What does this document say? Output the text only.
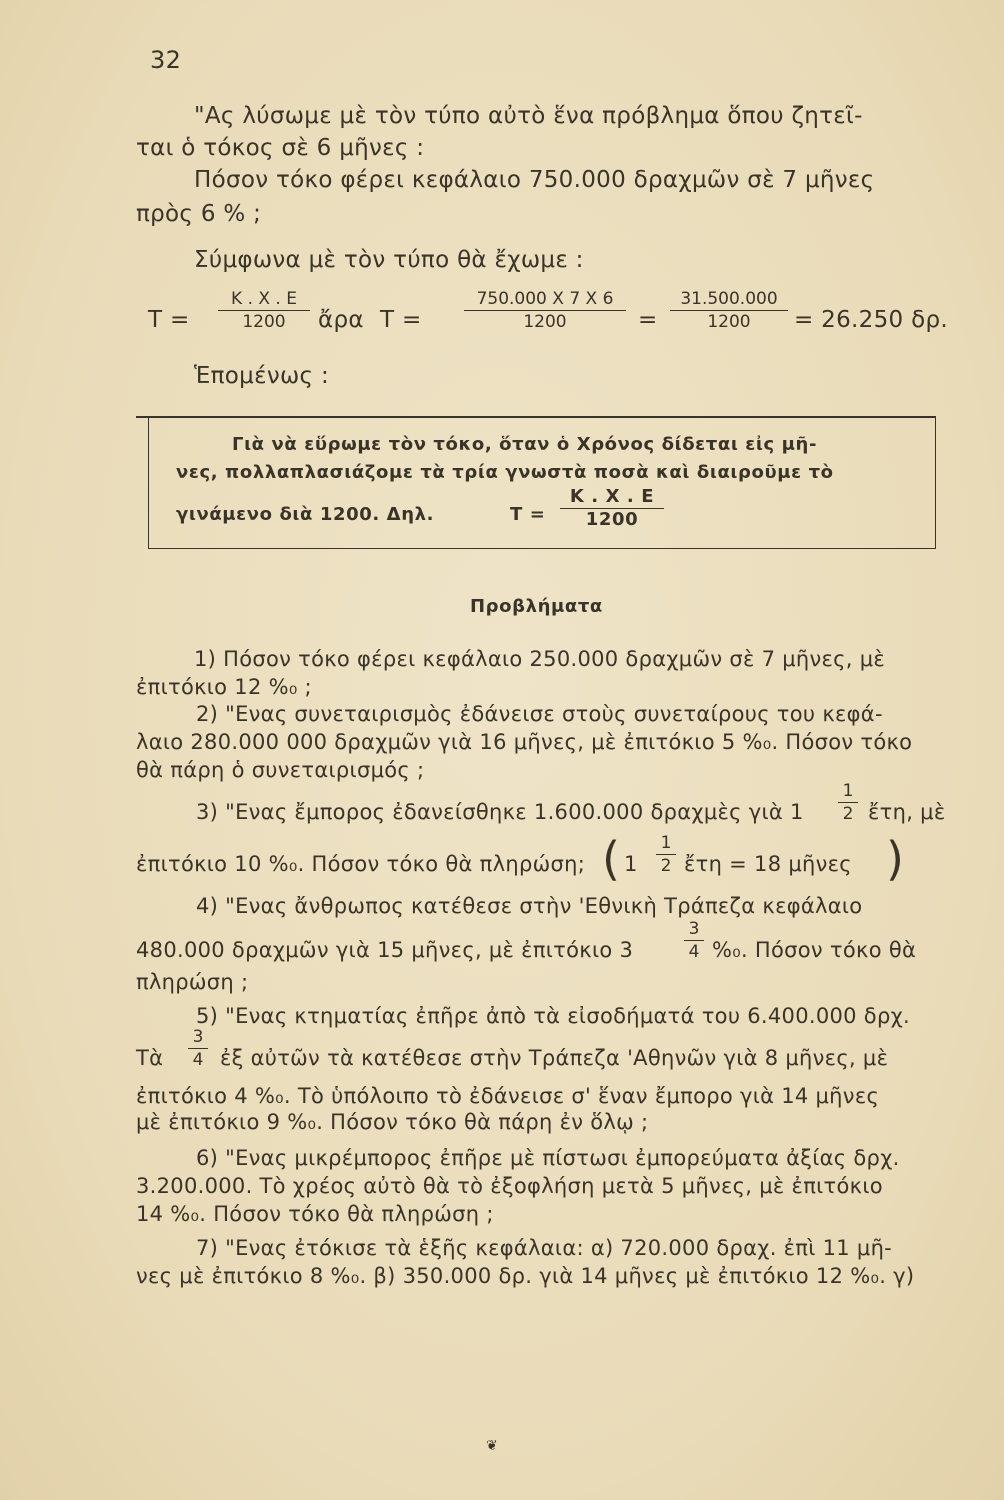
32
"Ας λύσωμε μὲ τὸν τύπο αὐτὸ ἕνα πρόβλημα ὅπου ζητεῖ-
ται ὁ τόκος σὲ 6 μῆνες :
Πόσον τόκο φέρει κεφάλαιο 750.000 δραχμῶν σὲ 7 μῆνες
πρὸς 6 % ;
Σύμφωνα μὲ τὸν τύπο θὰ ἔχωμε :
$T = \frac{K . X . E}{1200}$ ἄρα $T = \frac{750.000 X 7 X 6}{1200} = \frac{31.500.000}{1200} = 26.250$ δρ.
Ἑπομένως :
Γιὰ νὰ εὕρωμε τὸν τόκο, ὅταν ὁ Χρόνος δίδεται εἰς μῆ-
νες, πολλαπλασιάζομε τὰ τρία γνωστὰ ποσὰ καὶ διαιροῦμε τὸ
γινάμενο διὰ 1200. Δηλ.	$T = \frac{K . X . E}{1200}$
Προβλήματα
1) Πόσον τόκο φέρει κεφάλαιο 250.000 δραχμῶν σὲ 7 μῆνες, μὲ
ἐπιτόκιο 12 %₀ ;
2) "Ενας συνεταιρισμὸς ἐδάνεισε στοὺς συνεταίρους του κεφά-
λαιο 280.000 000 δραχμῶν γιὰ 16 μῆνες, μὲ ἐπιτόκιο 5 %₀. Πόσον τόκο
θὰ πάρη ὁ συνεταιρισμός ;
3) "Ενας ἔμπορος ἐδανείσθηκε 1.600.000 δραχμὲς γιὰ $1 \frac{1}{2}$ ἔτη, μὲ
ἐπιτόκιο 10 %₀. Πόσον τόκο θὰ πληρώση; ( $1 \frac{1}{2}$ ἔτη = 18 μῆνες )
4) "Ενας ἄνθρωπος κατέθεσε στὴν 'Εθνικὴ Τράπεζα κεφάλαιο
480.000 δραχμῶν γιὰ 15 μῆνες, μὲ ἐπιτόκιο 3	$\frac{3}{4} \%_0$. Πόσον τόκο θὰ
πληρώση ;
5) "Ενας κτηματίας ἐπῆρε ἀπὸ τὰ εἰσοδήματά του 6.400.000 δρχ.
Τὰ $\frac{3}{4}$ ἐξ αὐτῶν τὰ κατέθεσε στὴν Τράπεζα 'Αθηνῶν γιὰ 8 μῆνες, μὲ
ἐπιτόκιο 4 %₀. Τὸ ὑπόλοιπο τὸ ἐδάνεισε σ' ἕναν ἔμπορο γιὰ 14 μῆνες
μὲ ἐπιτόκιο 9 %₀. Πόσον τόκο θὰ πάρη ἐν ὅλῳ ;
6) "Ενας μικρέμπορος ἐπῆρε μὲ πίστωσι ἐμπορεύματα ἀξίας δρχ.
3.200.000. Τὸ χρέος αὐτὸ θὰ τὸ ἐξοφλήση μετὰ 5 μῆνες, μὲ ἐπιτόκιο
14 %₀. Πόσον τόκο θὰ πληρώση ;
7) "Ενας ἐτόκισε τὰ ἑξῆς κεφάλαια: α) 720.000 δραχ. ἐπὶ 11 μῆ-
νες μὲ ἐπιτόκιο 8 %₀. β) 350.000 δρ. γιὰ 14 μῆνες μὲ ἐπιτόκιο 12 %₀. γ)
❦
